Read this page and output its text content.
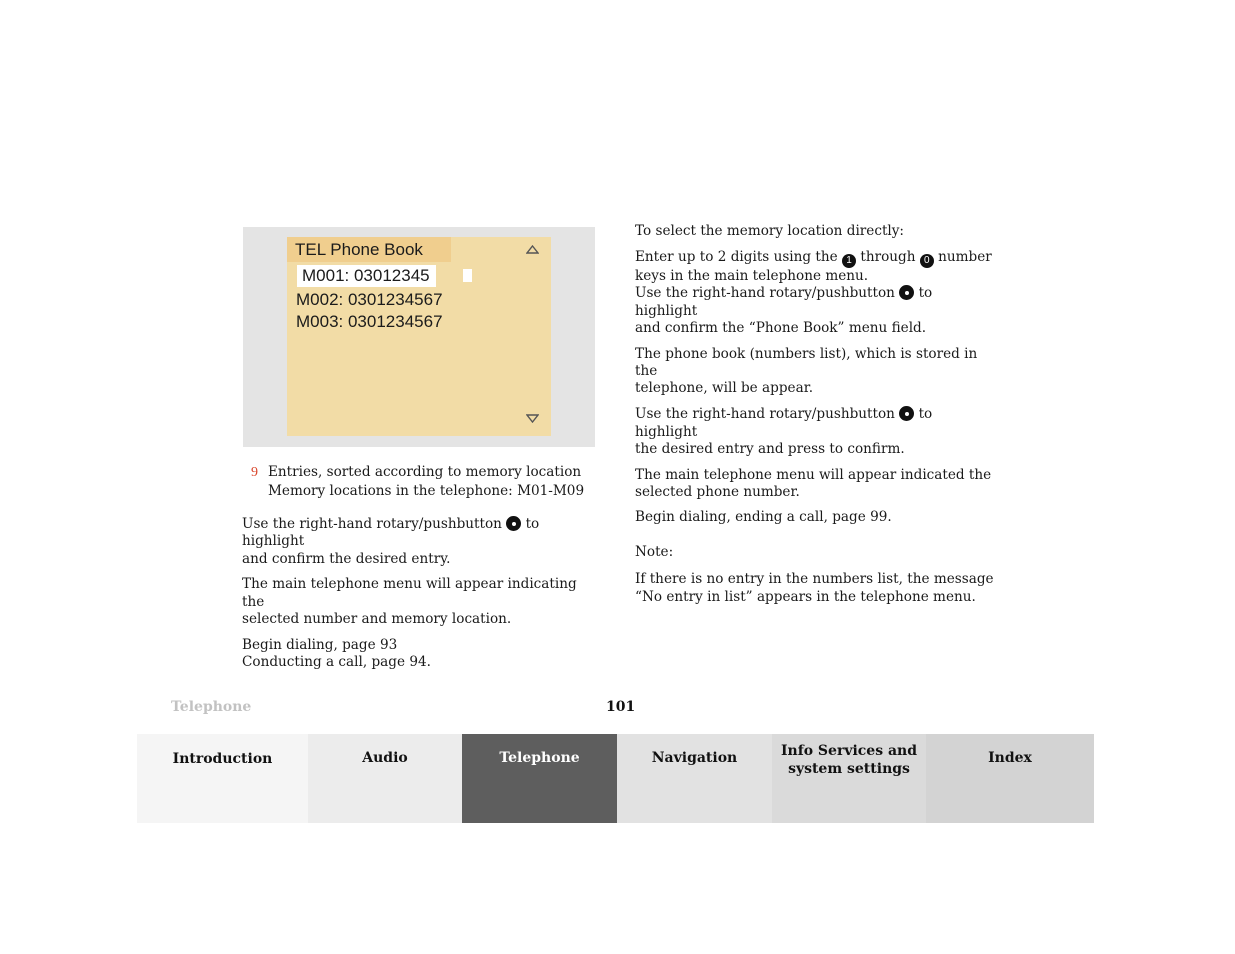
TEL Phone Book
M001: 03012345
M002: 0301234567
M003: 0301234567
9 Entries, sorted according to memory location

Memory locations in the telephone: M01-M09

Use the right-hand rotary/pushbutton to highlight
and confirm the desired entry.

The main telephone menu will appear indicating the
selected number and memory location.

Begin dialing, page 93
Conducting a call, page 94.

To select the memory location directly:

Enter up to 2 digits using the 1 through 0 number
keys in the main telephone menu.
Use the right-hand rotary/pushbutton to highlight
and confirm the “Phone Book” menu field.

The phone book (numbers list), which is stored in the
telephone, will be appear.

Use the right-hand rotary/pushbutton to highlight
the desired entry and press to confirm.

The main telephone menu will appear indicated the
selected phone number.

Begin dialing, ending a call, page 99.

Note:

If there is no entry in the numbers list, the message
“No entry in list” appears in the telephone menu.

Telephone	101
Introduction	Audio	Telephone	Navigation	Info Services and
system settings
Index
